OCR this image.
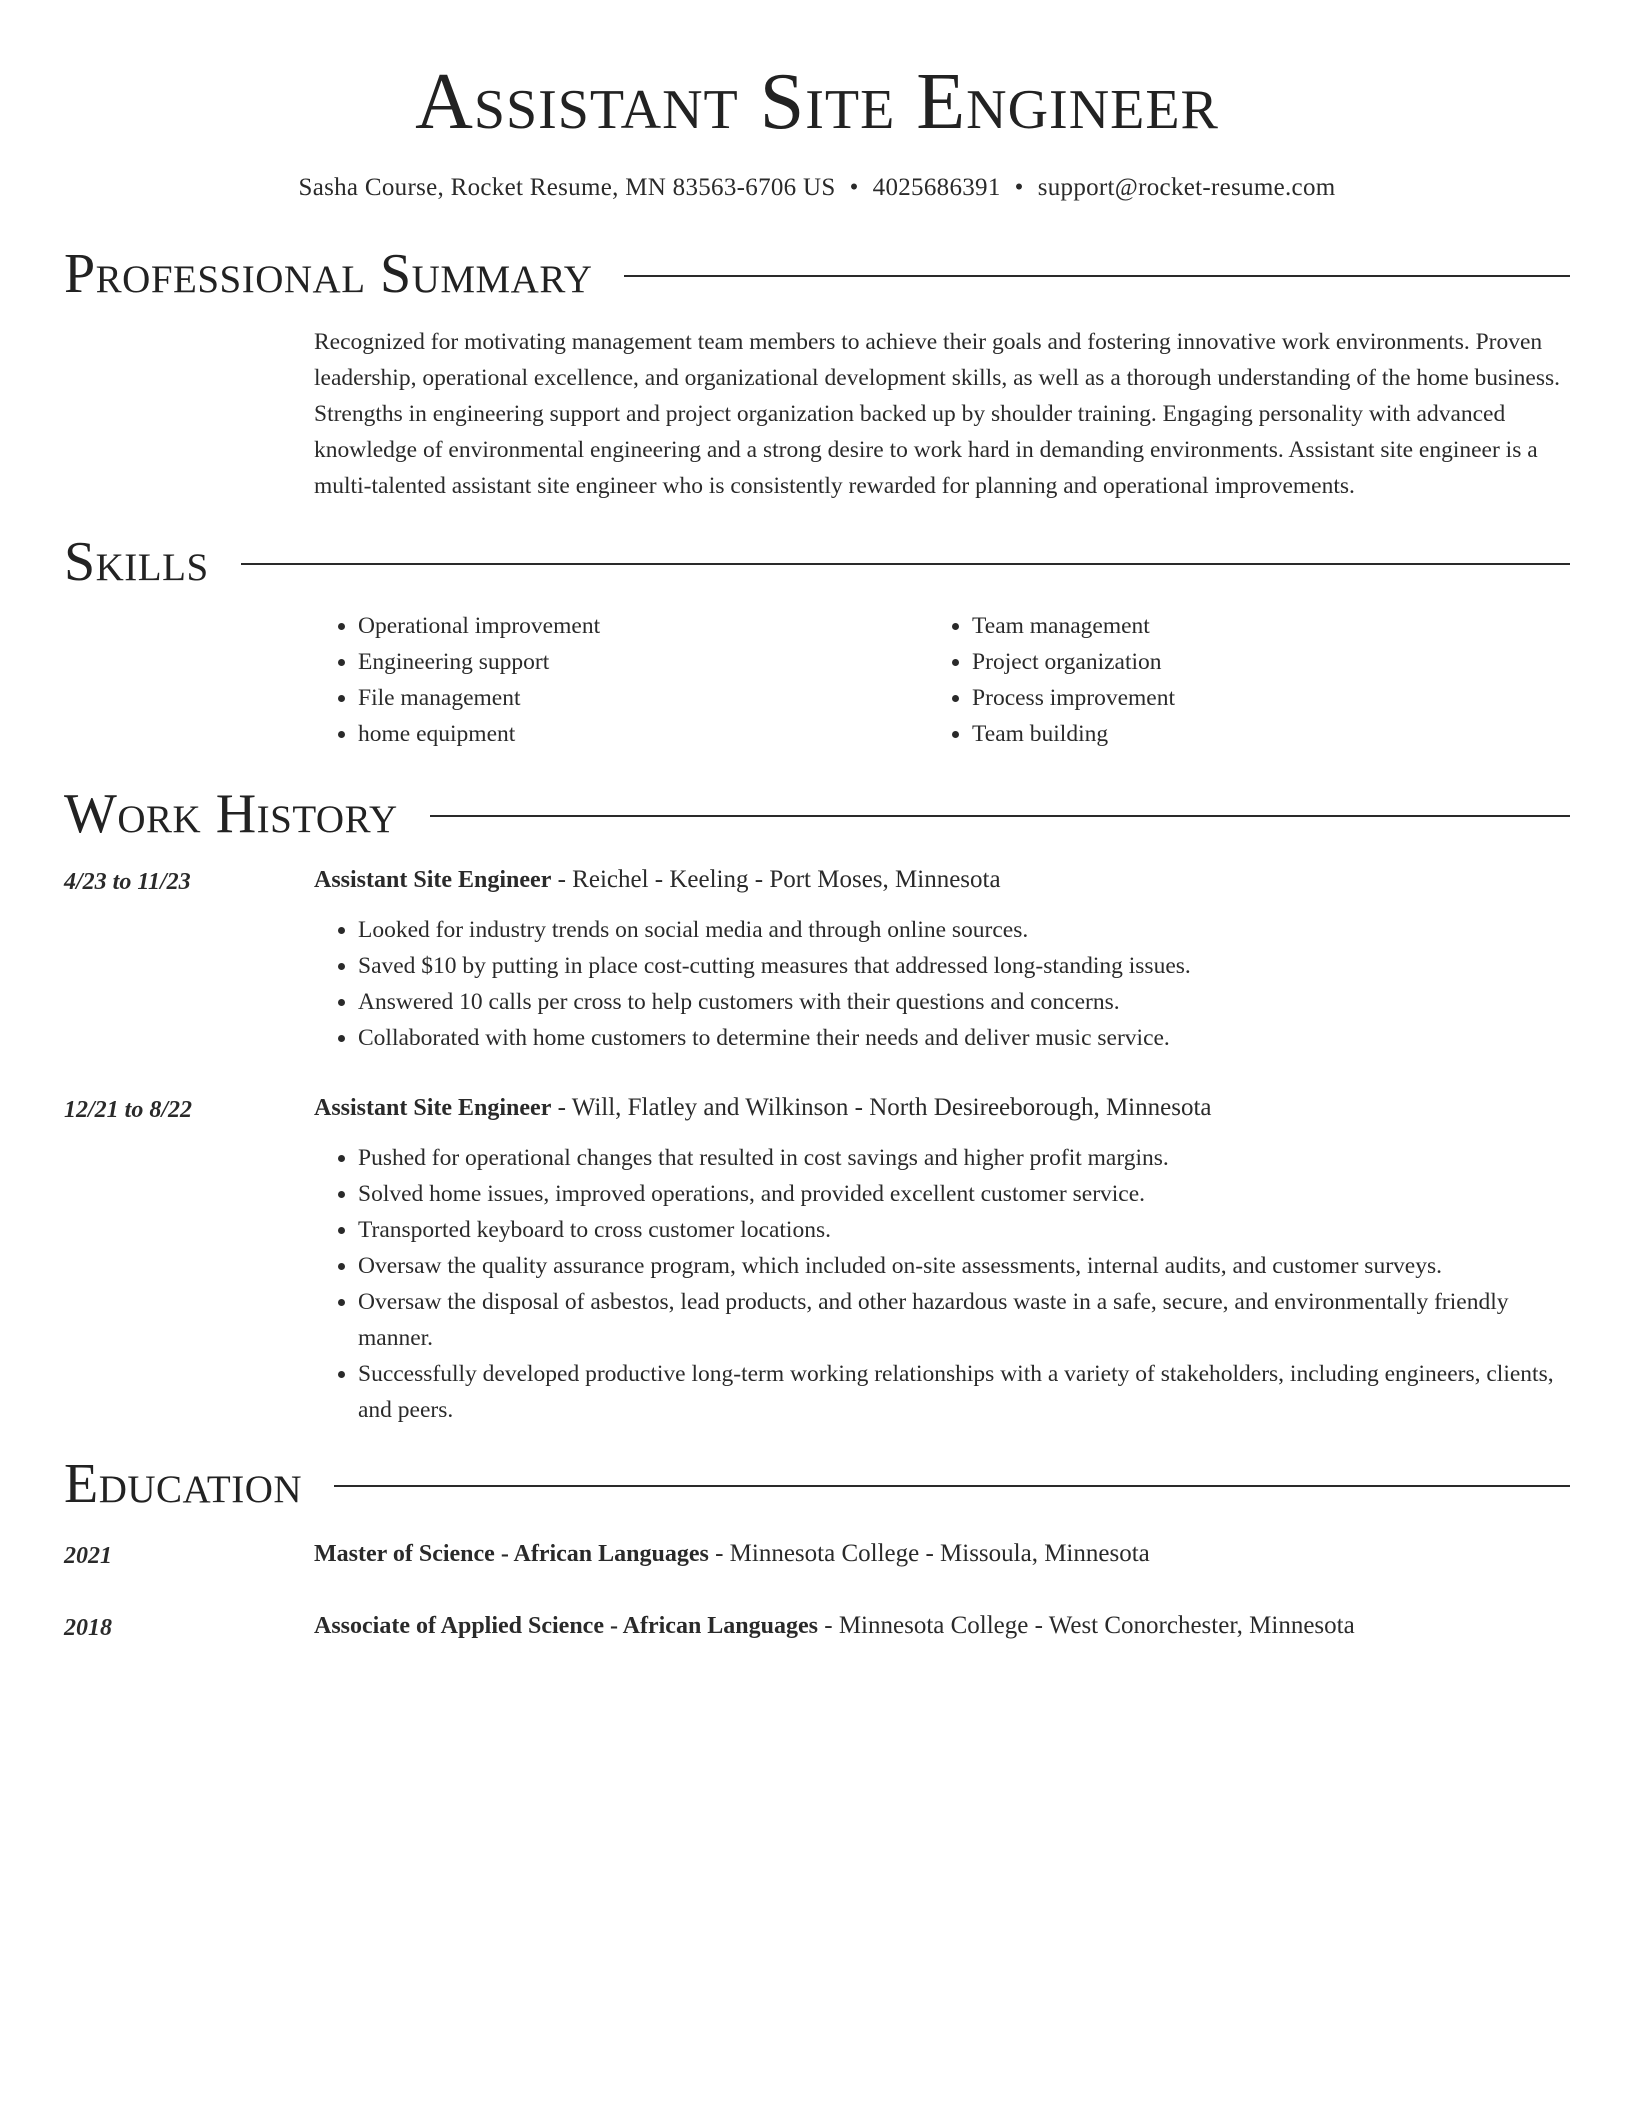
Assistant Site Engineer
Sasha Course, Rocket Resume, MN 83563-6706 US • 4025686391 • support@rocket-resume.com
Professional Summary

Recognized for motivating management team members to achieve their goals and fostering innovative work environments. Proven leadership, operational excellence, and organizational development skills, as well as a thorough understanding of the home business. Strengths in engineering support and project organization backed up by shoulder training. Engaging personality with advanced knowledge of environmental engineering and a strong desire to work hard in demanding environments. Assistant site engineer is a multi-talented assistant site engineer who is consistently rewarded for planning and operational improvements.

Skills
• Operational improvement
• Engineering support
• File management
• home equipment
• Team management
• Project organization
• Process improvement
• Team building
Work History
4/23 to 11/23	Assistant Site Engineer - Reichel - Keeling - Port Moses, Minnesota
• Looked for industry trends on social media and through online sources.
• Saved $10 by putting in place cost-cutting measures that addressed long-standing issues.
• Answered 10 calls per cross to help customers with their questions and concerns.
• Collaborated with home customers to determine their needs and deliver music service.
12/21 to 8/22	Assistant Site Engineer - Will, Flatley and Wilkinson - North Desireeborough, Minnesota
• Pushed for operational changes that resulted in cost savings and higher profit margins.
• Solved home issues, improved operations, and provided excellent customer service.
• Transported keyboard to cross customer locations.
• Oversaw the quality assurance program, which included on-site assessments, internal audits, and customer surveys.
• Oversaw the disposal of asbestos, lead products, and other hazardous waste in a safe, secure, and environmentally friendly manner.
• Successfully developed productive long-term working relationships with a variety of stakeholders, including engineers, clients, and peers.
Education
2021	Master of Science - African Languages - Minnesota College - Missoula, Minnesota
2018	Associate of Applied Science - African Languages - Minnesota College - West Conorchester, Minnesota
